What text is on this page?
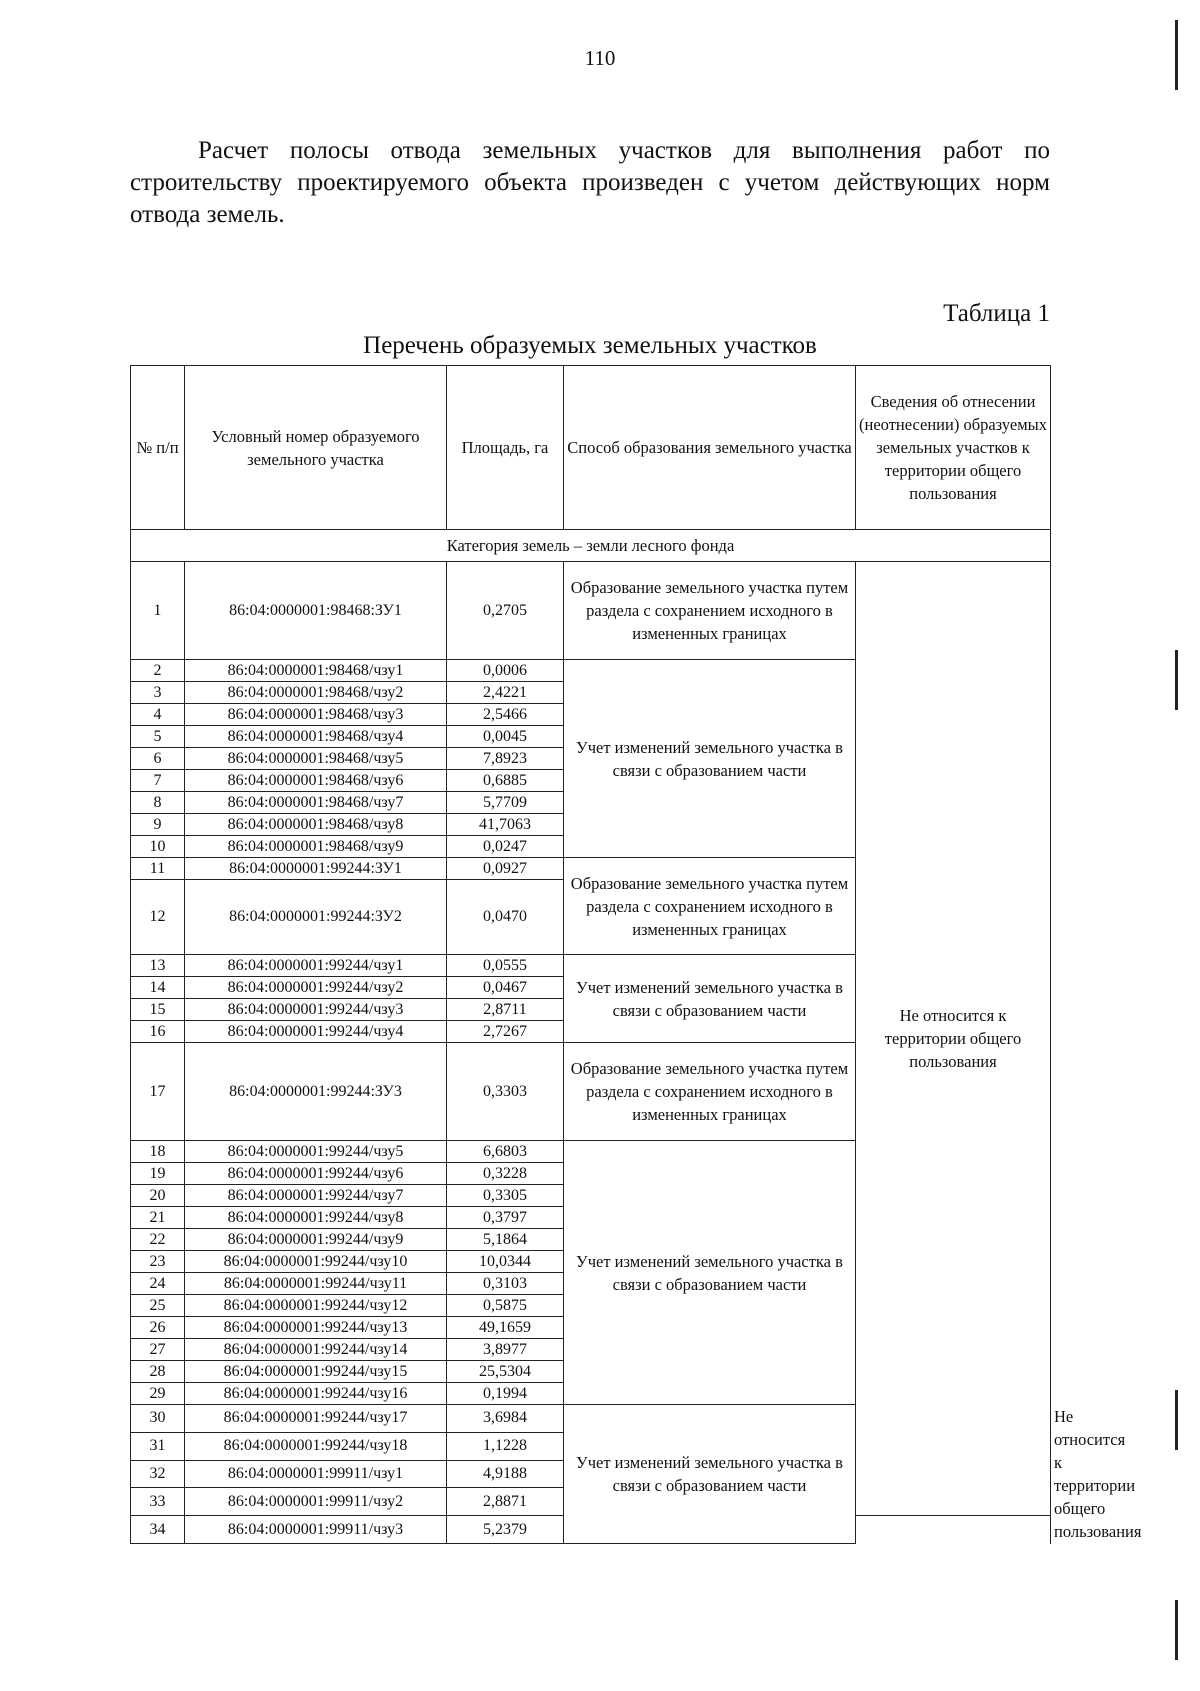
110

Расчет полосы отвода земельных участков для выполнения работ по строительству проектируемого объекта произведен с учетом действующих норм отвода земель.

Таблица 1
Перечень образуемых земельных участков
№ п/п	Условный номер образуемого земельного участка	Площадь, га	Способ образования земельного участка	Сведения об отнесении (неотнесении) образуемых земельных участков к территории общего пользования	
Категория земель – земли лесного фонда					
1	86:04:0000001:98468:ЗУ1	0,2705	Образование земельного участка путем раздела с сохранением исходного в измененных границах	Не относится к территории общего пользования	
2	86:04:0000001:98468/чзу1	0,0006	Учет изменений земельного участка в связи с образованием части		
3	86:04:0000001:98468/чзу2	2,4221			
4	86:04:0000001:98468/чзу3	2,5466			
5	86:04:0000001:98468/чзу4	0,0045			
6	86:04:0000001:98468/чзу5	7,8923			
7	86:04:0000001:98468/чзу6	0,6885			
8	86:04:0000001:98468/чзу7	5,7709			
9	86:04:0000001:98468/чзу8	41,7063			
10	86:04:0000001:98468/чзу9	0,0247			
11	86:04:0000001:99244:ЗУ1	0,0927	Образование земельного участка путем раздела с сохранением исходного в измененных границах		
12	86:04:0000001:99244:ЗУ2	0,0470			
13	86:04:0000001:99244/чзу1	0,0555	Учет изменений земельного участка в связи с образованием части		
14	86:04:0000001:99244/чзу2	0,0467			
15	86:04:0000001:99244/чзу3	2,8711			
16	86:04:0000001:99244/чзу4	2,7267			
17	86:04:0000001:99244:ЗУ3	0,3303	Образование земельного участка путем раздела с сохранением исходного в измененных границах		
18	86:04:0000001:99244/чзу5	6,6803	Учет изменений земельного участка в связи с образованием части		
19	86:04:0000001:99244/чзу6	0,3228			
20	86:04:0000001:99244/чзу7	0,3305			
21	86:04:0000001:99244/чзу8	0,3797			
22	86:04:0000001:99244/чзу9	5,1864			
23	86:04:0000001:99244/чзу10	10,0344			
24	86:04:0000001:99244/чзу11	0,3103			
25	86:04:0000001:99244/чзу12	0,5875			
26	86:04:0000001:99244/чзу13	49,1659			
27	86:04:0000001:99244/чзу14	3,8977			
28	86:04:0000001:99244/чзу15	25,5304			
29	86:04:0000001:99244/чзу16	0,1994			
30	86:04:0000001:99244/чзу17	3,6984	Учет изменений земельного участка в связи с образованием части		Не относится к территории общего пользования
31	86:04:0000001:99244/чзу18	1,1228			
32	86:04:0000001:99911/чзу1	4,9188			
33	86:04:0000001:99911/чзу2	2,8871			
34	86:04:0000001:99911/чзу3	5,2379			
